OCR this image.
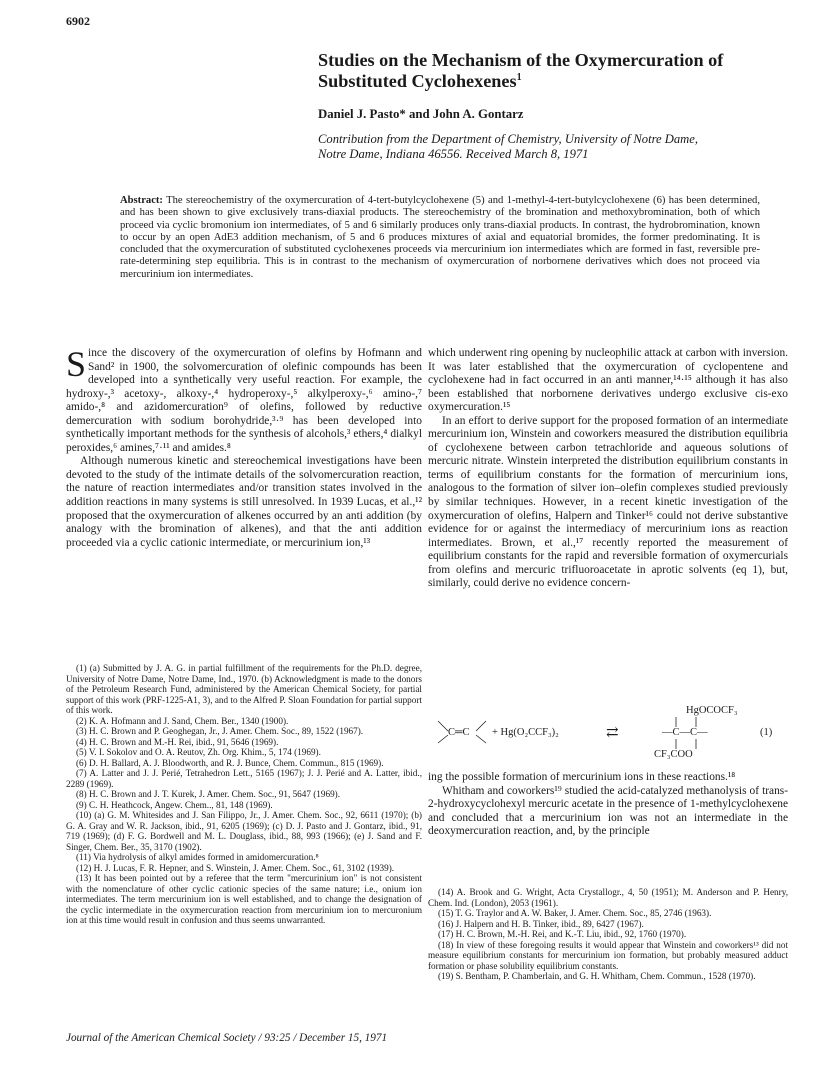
6902
Studies on the Mechanism of the Oxymercuration of Substituted Cyclohexenes$^1$
Daniel J. Pasto* and John A. Gontarz
Contribution from the Department of Chemistry, University of Notre Dame,
Notre Dame, Indiana 46556. Received March 8, 1971
Abstract: The stereochemistry of the oxymercuration of 4-tert-butylcyclohexene (5) and 1-methyl-4-tert-butylcyclohexene (6) has been determined, and has been shown to give exclusively trans-diaxial products. The stereochemistry of the bromination and methoxybromination, both of which proceed via cyclic bromonium ion intermediates, of 5 and 6 similarly produces only trans-diaxial products. In contrast, the hydrobromination, known to occur by an open AdE3 addition mechanism, of 5 and 6 produces mixtures of axial and equatorial bromides, the former predominating. It is concluded that the oxymercuration of substituted cyclohexenes proceeds via mercurinium ion intermediates which are formed in fast, reversible pre-rate-determining step equilibria. This is in contrast to the mechanism of oxymercuration of norbornene derivatives which does not proceed via mercurinium ion intermediates.

Since the discovery of the oxymercuration of olefins by Hofmann and Sand² in 1900, the solvomercuration of olefinic compounds has been developed into a synthetically very useful reaction. For example, the hydroxy-,³ acetoxy-, alkoxy-,⁴ hydroperoxy-,⁵ alkylperoxy-,⁶ amino-,⁷ amido-,⁸ and azidomercuration⁹ of olefins, followed by reductive demercuration with sodium borohydride,³·⁹ has been developed into synthetically important methods for the synthesis of alcohols,³ ethers,⁴ dialkyl peroxides,⁶ amines,⁷·¹¹ and amides.⁸

Although numerous kinetic and stereochemical investigations have been devoted to the study of the intimate details of the solvomercuration reaction, the nature of reaction intermediates and/or transition states involved in the addition reactions in many systems is still unresolved. In 1939 Lucas, et al.,¹² proposed that the oxymercuration of alkenes occurred by an anti addition (by analogy with the bromination of alkenes), and that the anti addition proceeded via a cyclic cationic intermediate, or mercurinium ion,¹³

(1) (a) Submitted by J. A. G. in partial fulfillment of the requirements for the Ph.D. degree, University of Notre Dame, Notre Dame, Ind., 1970. (b) Acknowledgment is made to the donors of the Petroleum Research Fund, administered by the American Chemical Society, for partial support of this work (PRF-1225-A1, 3), and to the Alfred P. Sloan Foundation for partial support of this work.

(2) K. A. Hofmann and J. Sand, Chem. Ber., 1340 (1900).

(3) H. C. Brown and P. Geoghegan, Jr., J. Amer. Chem. Soc., 89, 1522 (1967).

(4) H. C. Brown and M.-H. Rei, ibid., 91, 5646 (1969).

(5) V. I. Sokolov and O. A. Reutov, Zh. Org. Khim., 5, 174 (1969).

(6) D. H. Ballard, A. J. Bloodworth, and R. J. Bunce, Chem. Commun., 815 (1969).

(7) A. Latter and J. J. Perié, Tetrahedron Lett., 5165 (1967); J. J. Perié and A. Latter, ibid., 2289 (1969).

(8) H. C. Brown and J. T. Kurek, J. Amer. Chem. Soc., 91, 5647 (1969).

(9) C. H. Heathcock, Angew. Chem.., 81, 148 (1969).

(10) (a) G. M. Whitesides and J. San Filippo, Jr., J. Amer. Chem. Soc., 92, 6611 (1970); (b) G. A. Gray and W. R. Jackson, ibid., 91, 6205 (1969); (c) D. J. Pasto and J. Gontarz, ibid., 91, 719 (1969); (d) F. G. Bordwell and M. L. Douglass, ibid., 88, 993 (1966); (e) J. Sand and F. Singer, Chem. Ber., 35, 3170 (1902).

(11) Via hydrolysis of alkyl amides formed in amidomercuration.⁸

(12) H. J. Lucas, F. R. Hepner, and S. Winstein, J. Amer. Chem. Soc., 61, 3102 (1939).

(13) It has been pointed out by a referee that the term "mercurinium ion" is not consistent with the nomenclature of other cyclic cationic species of the same nature; i.e., onium ion intermediates. The term mercurinium ion is well established, and to change the designation of the cyclic intermediate in the oxymercuration reaction from mercurinium ion to mercuronium ion at this time would result in confusion and thus seems unwarranted.

which underwent ring opening by nucleophilic attack at carbon with inversion. It was later established that the oxymercuration of cyclopentene and cyclohexene had in fact occurred in an anti manner,¹⁴·¹⁵ although it has also been established that norbornene derivatives undergo exclusive cis-exo oxymercuration.¹⁵

In an effort to derive support for the proposed formation of an intermediate mercurinium ion, Winstein and coworkers measured the distribution equilibria of cyclohexene between carbon tetrachloride and aqueous solutions of mercuric nitrate. Winstein interpreted the distribution equilibrium constants in terms of equilibrium constants for the formation of mercurinium ions, analogous to the formation of silver ion–olefin complexes studied previously by similar techniques. However, in a recent kinetic investigation of the oxymercuration of olefins, Halpern and Tinker¹⁶ could not derive substantive evidence for or against the intermediacy of mercurinium ions as reaction intermediates. Brown, et al.,¹⁷ recently reported the measurement of equilibrium constants for the rapid and reversible formation of oxymercurials from olefins and mercuric trifluoroacetate in aprotic solvents (eq 1), but, similarly, could derive no evidence concern-

C═C + Hg(O₂CCF₃)₂	⇄
HgOCOCF₃
—C—C—
CF₃COO
(1)

ing the possible formation of mercurinium ions in these reactions.¹⁸

Whitham and coworkers¹⁹ studied the acid-catalyzed methanolysis of trans-2-hydroxycyclohexyl mercuric acetate in the presence of 1-methylcyclohexene and concluded that a mercurinium ion was not an intermediate in the deoxymercuration reaction, and, by the principle

(14) A. Brook and G. Wright, Acta Crystallogr., 4, 50 (1951); M. Anderson and P. Henry, Chem. Ind. (London), 2053 (1961).

(15) T. G. Traylor and A. W. Baker, J. Amer. Chem. Soc., 85, 2746 (1963).

(16) J. Halpern and H. B. Tinker, ibid., 89, 6427 (1967).

(17) H. C. Brown, M.-H. Rei, and K.-T. Liu, ibid., 92, 1760 (1970).

(18) In view of these foregoing results it would appear that Winstein and coworkers¹³ did not measure equilibrium constants for mercurinium ion formation, but probably measured adduct formation or phase solubility equilibrium constants.

(19) S. Bentham, P. Chamberlain, and G. H. Whitham, Chem. Commun., 1528 (1970).

Journal of the American Chemical Society / 93:25 / December 15, 1971
